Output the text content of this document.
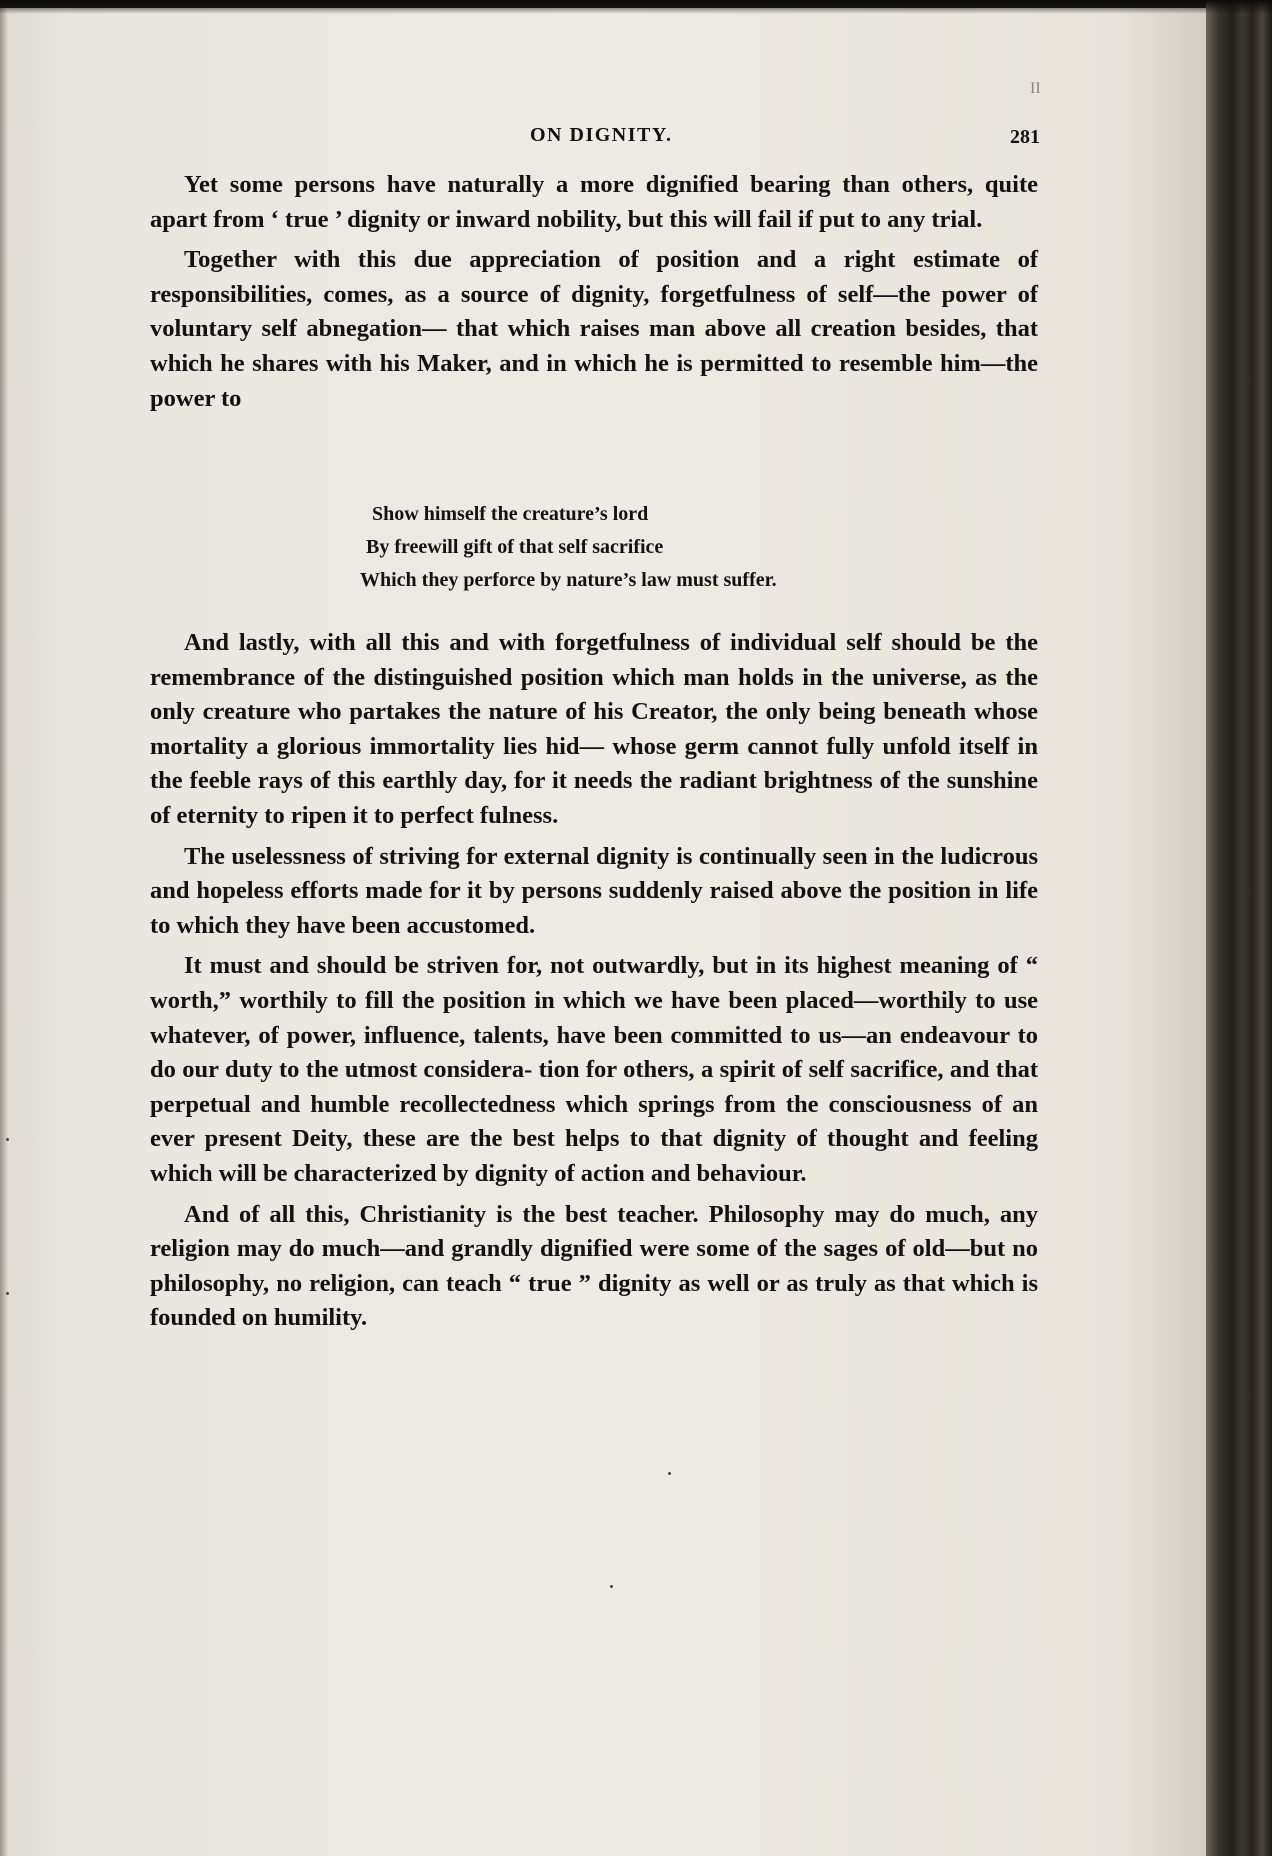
II
ON DIGNITY.	281

Yet some persons have naturally a more dignified bearing than others, quite apart from ‘ true ’ dignity or inward nobility, but this will fail if put to any trial.

Together with this due appreciation of position and a right estimate of responsibilities, comes, as a source of dignity, forgetfulness of self—the power of voluntary self abnegation— that which raises man above all creation besides, that which he shares with his Maker, and in which he is permitted to resemble him—the power to

Show himself the creature’s lord
By freewill gift of that self sacrifice
Which they perforce by nature’s law must suffer.

And lastly, with all this and with forgetfulness of individual self should be the remembrance of the distinguished position which man holds in the universe, as the only creature who partakes the nature of his Creator, the only being beneath whose mortality a glorious immortality lies hid— whose germ cannot fully unfold itself in the feeble rays of this earthly day, for it needs the radiant brightness of the sunshine of eternity to ripen it to perfect fulness.

The uselessness of striving for external dignity is continually seen in the ludicrous and hopeless efforts made for it by persons suddenly raised above the position in life to which they have been accustomed.

It must and should be striven for, not outwardly, but in its highest meaning of “ worth,” worthily to fill the position in which we have been placed—worthily to use whatever, of power, influence, talents, have been committed to us—an endeavour to do our duty to the utmost considera- tion for others, a spirit of self sacrifice, and that perpetual and humble recollectedness which springs from the consciousness of an ever present Deity, these are the best helps to that dignity of thought and feeling which will be characterized by dignity of action and behaviour.

And of all this, Christianity is the best teacher. Philosophy may do much, any religion may do much—and grandly dignified were some of the sages of old—but no philosophy, no religion, can teach “ true ” dignity as well or as truly as that which is founded on humility.
